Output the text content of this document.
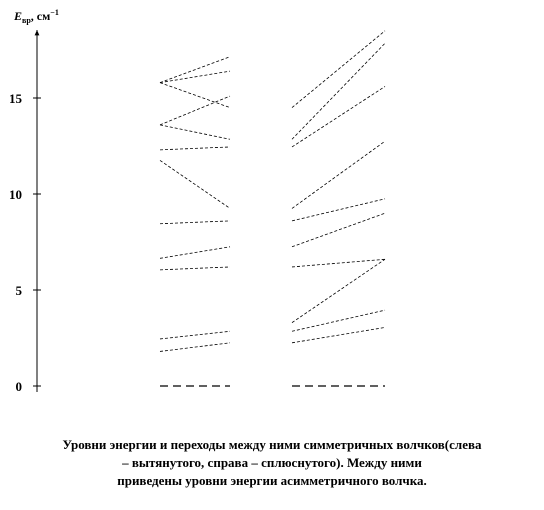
0
5
10
15
$E_{вр}$, $см^{-1}$
Уровни энергии и переходы между ними симметричных волчков(слева
– вытянутого, справа – сплюснутого). Между ними
приведены уровни энергии асимметричного волчка.
